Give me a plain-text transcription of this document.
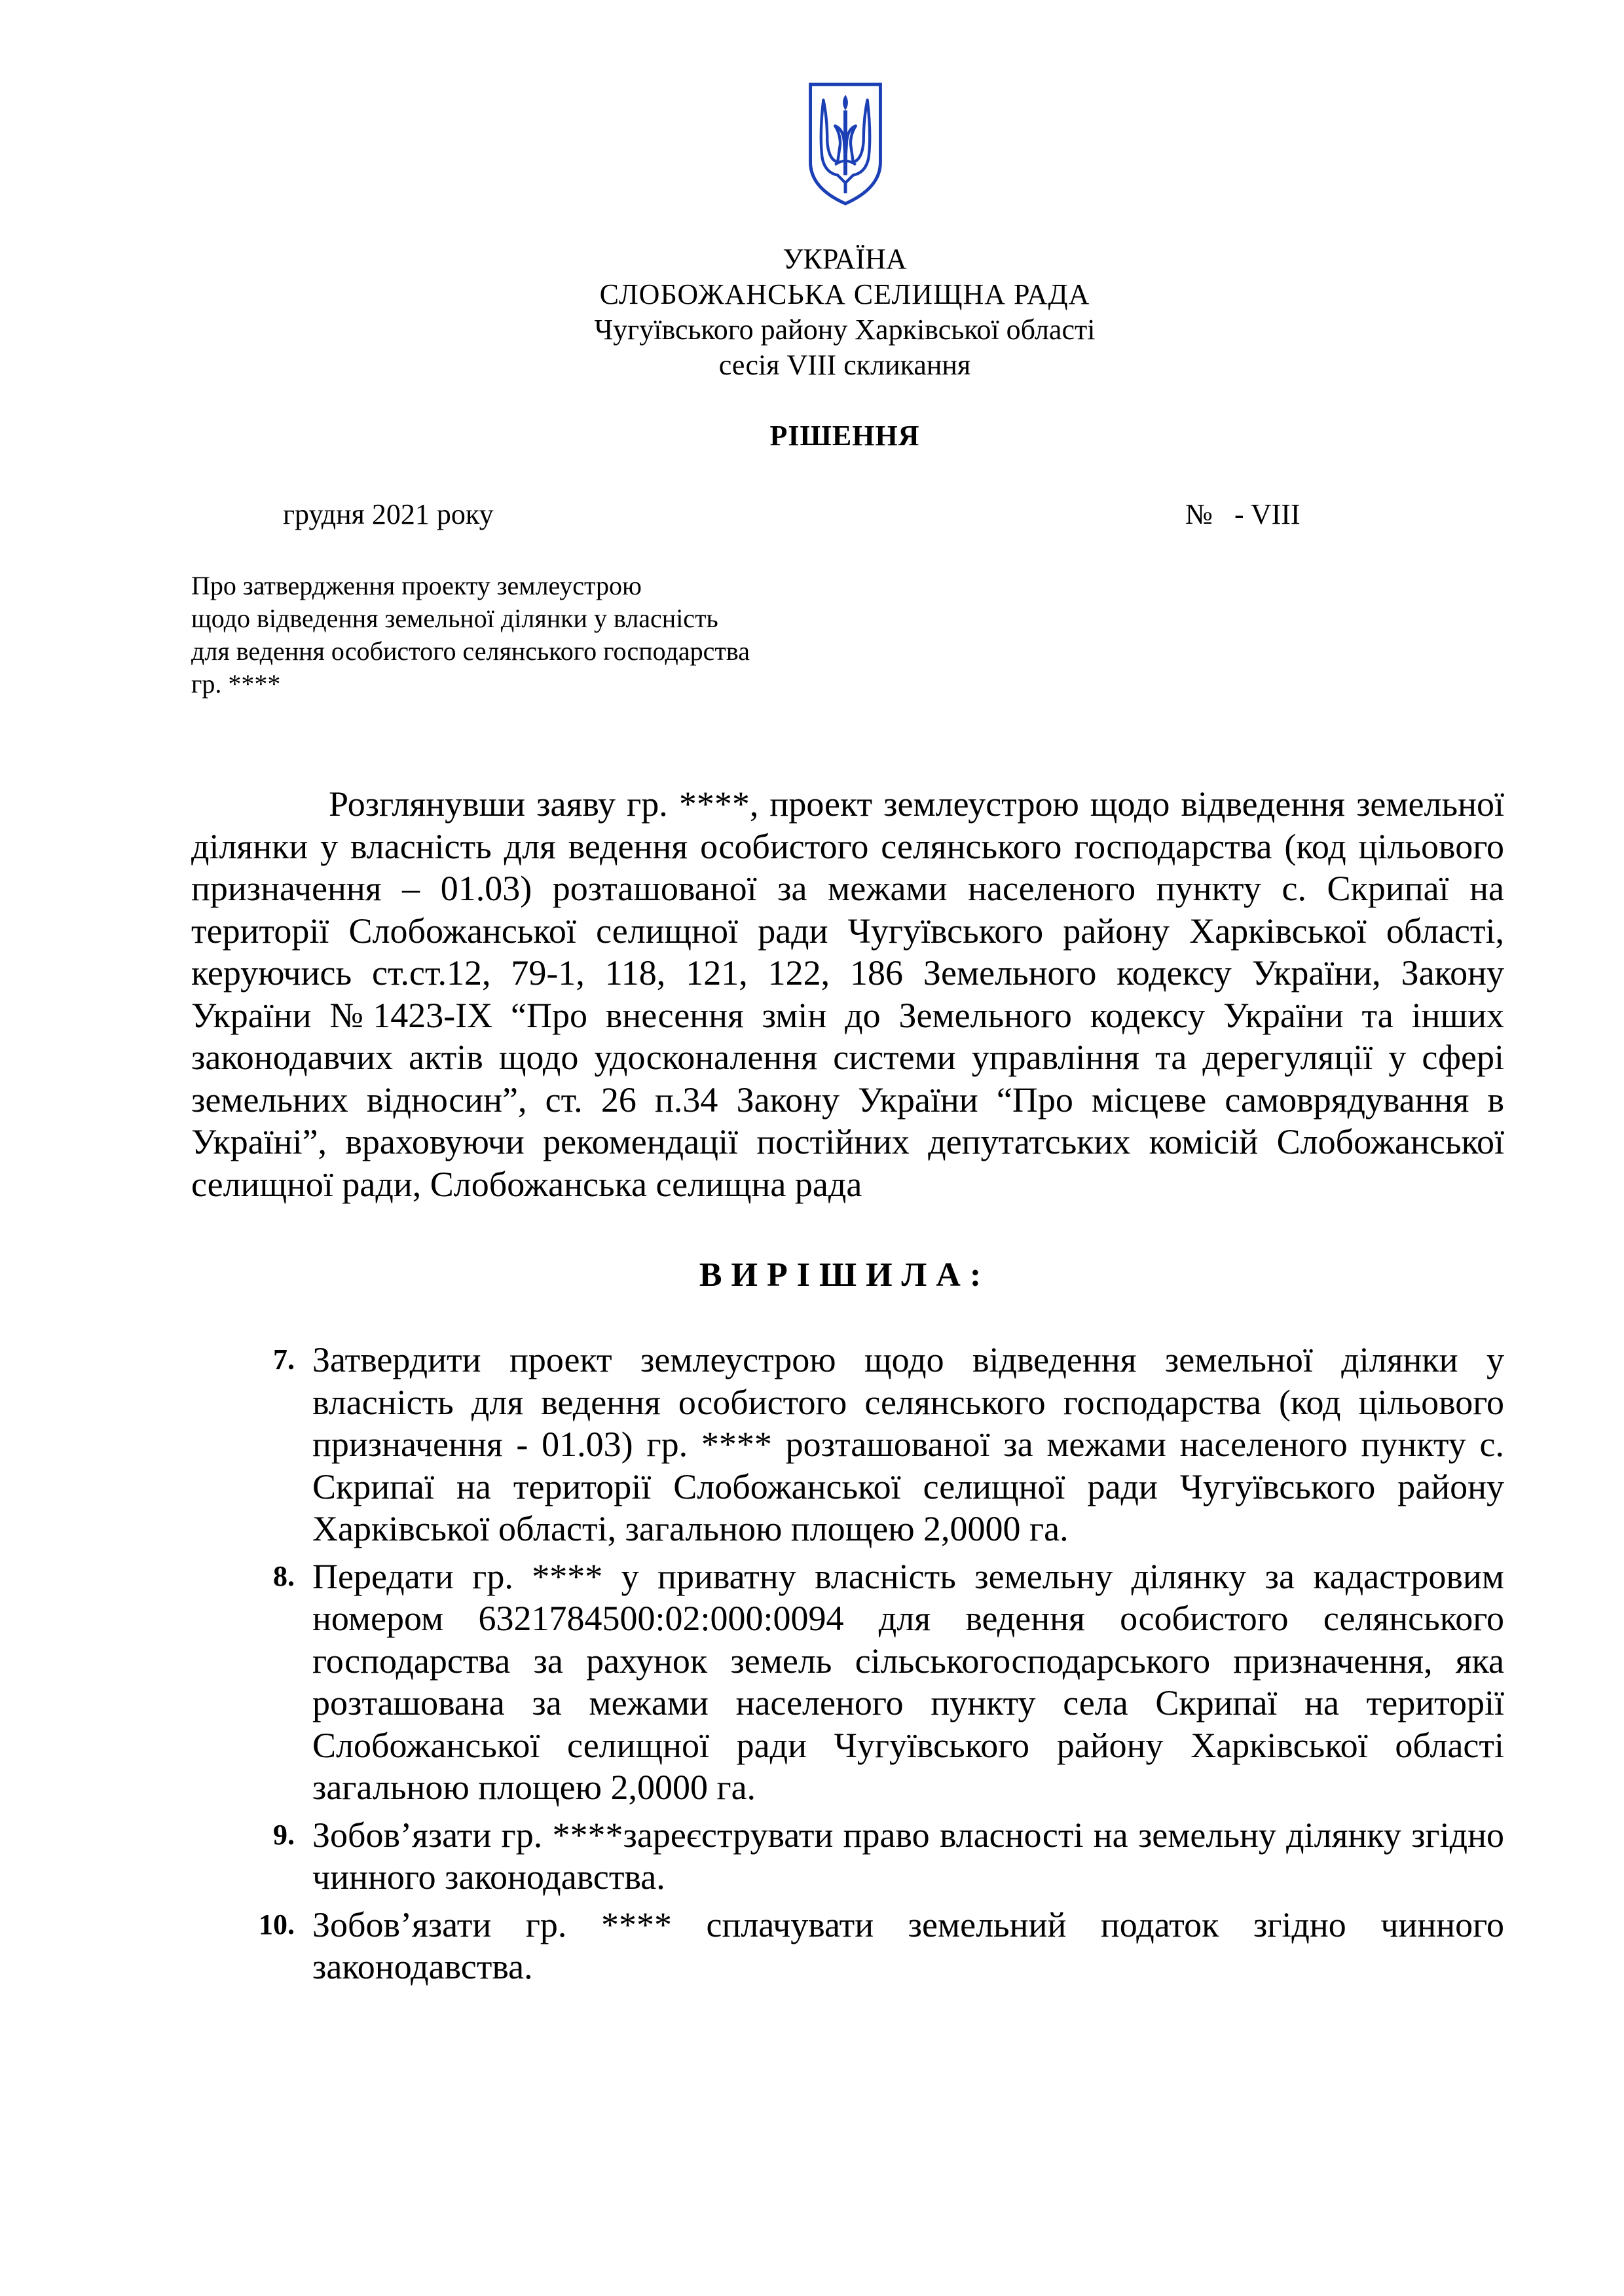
УКРАЇНА
СЛОБОЖАНСЬКА СЕЛИЩНА РАДА
Чугуївського району Харківської області
сесія VIII скликання
РІШЕННЯ
грудня 2021 року	№   - VIII
Про затвердження проекту землеустрою
щодо відведення земельної ділянки у власність
для ведення особистого селянського господарства
гр. ****

Розглянувши заяву гр. ****, проект землеустрою щодо відведення земельної ділянки у власність для ведення особистого селянського господарства (код цільового призначення – 01.03) розташованої за межами населеного пункту с. Скрипаї на території Слобожанської селищної ради Чугуївського району Харківської області, керуючись ст.ст.12, 79-1, 118, 121, 122, 186 Земельного кодексу України, Закону України №1423-IX “Про внесення змін до Земельного кодексу України та інших законодавчих актів щодо удосконалення системи управління та дерегуляції у сфері земельних відносин”, ст. 26 п.34 Закону України “Про місцеве самоврядування в Україні”, враховуючи рекомендації постійних депутатських комісій Слобожанської селищної ради, Слобожанська селищна рада

ВИРІШИЛА:
7. Затвердити проект землеустрою щодо відведення земельної ділянки у власність для ведення особистого селянського господарства (код цільового призначення - 01.03) гр. **** розташованої за межами населеного пункту с. Скрипаї на території Слобожанської селищної ради Чугуївського району Харківської області, загальною площею 2,0000 га.

8. Передати гр. **** у приватну власність земельну ділянку за кадастровим номером 6321784500:02:000:0094 для ведення особистого селянського господарства за рахунок земель сільськогосподарського призначення, яка розташована за межами населеного пункту села Скрипаї на території Слобожанської селищної ради Чугуївського району Харківської області загальною площею 2,0000 га.

9. Зобов’язати гр. ****зареєструвати право власності на земельну ділянку згідно чинного законодавства.

10. Зобов’язати гр. **** сплачувати земельний податок згідно чинного законодавства.
